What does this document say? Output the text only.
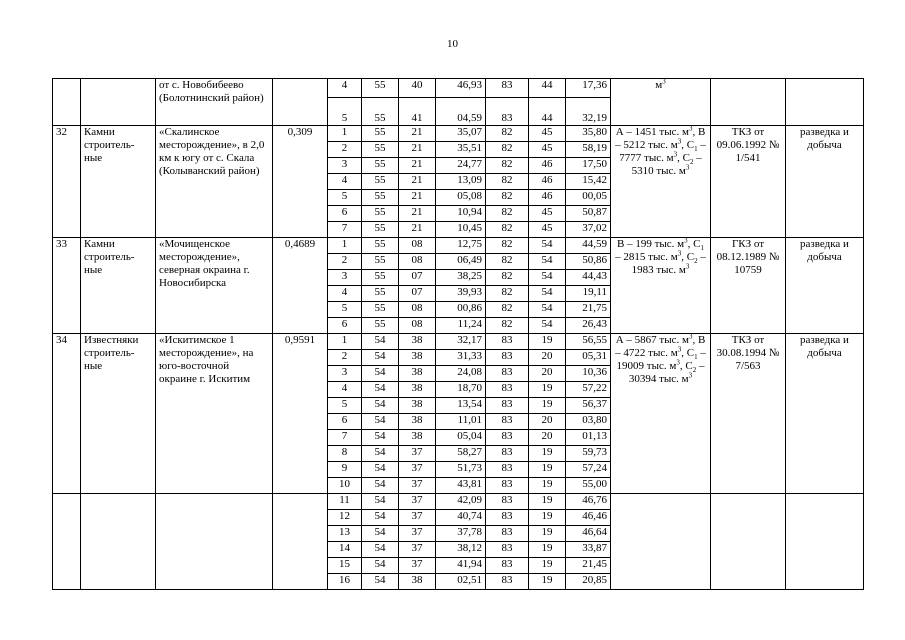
10
		от с. Новобибеево (Болотнинский район)		4	55	40	46,93	83	44	17,36	$м^3$		
				5	55	41	04,59	83	44	32,19			
32	Камни строитель-ные	«Скалинское месторождение», в 2,0 км к югу от с. Скала (Колыванский район)	0,309	1	55	21	35,07	82	45	35,80	А – 1451 тыс. $м^3$, В – 5212 тыс. $м^3$, $С_1 - 7777$ тыс. $м^3$, $С_2 - 5310$ тыс. $м^3$	ТКЗ от 09.06.1992 № 1/541	разведка и добыча
				2	55	21	35,51	82	45	58,19			
				3	55	21	24,77	82	46	17,50			
				4	55	21	13,09	82	46	15,42			
				5	55	21	05,08	82	46	00,05			
				6	55	21	10,94	82	45	50,87			
				7	55	21	10,45	82	45	37,02			
33	Камни строитель-ные	«Мочищенское месторождение», северная окраина г. Новосибирска	0,4689	1	55	08	12,75	82	54	44,59	В – 199 тыс. $м^3$, $С_1 - 2815$ тыс. $м^3$, $С_2 - 1983$ тыс. $м^3$	ГКЗ от 08.12.1989 № 10759	разведка и добыча
				2	55	08	06,49	82	54	50,86			
				3	55	07	38,25	82	54	44,43			
				4	55	07	39,93	82	54	19,11			
				5	55	08	00,86	82	54	21,75			
				6	55	08	11,24	82	54	26,43			
34	Известняки строитель-ные	«Искитимское 1 месторождение», на юго-восточной окраине г. Искитим	0,9591	1	54	38	32,17	83	19	56,55	А – 5867 тыс. $м^3$, В – 4722 тыс. $м^3$, $С_1 - 19009$ тыс. $м^3$, $С_2 - 30394$ тыс. $м^3$	ТКЗ от 30.08.1994 № 7/563	разведка и добыча
				2	54	38	31,33	83	20	05,31			
				3	54	38	24,08	83	20	10,36			
				4	54	38	18,70	83	19	57,22			
				5	54	38	13,54	83	19	56,37			
				6	54	38	11,01	83	20	03,80			
				7	54	38	05,04	83	20	01,13			
				8	54	37	58,27	83	19	59,73			
				9	54	37	51,73	83	19	57,24			
				10	54	37	43,81	83	19	55,00			
				11	54	37	42,09	83	19	46,76			
				12	54	37	40,74	83	19	46,46			
				13	54	37	37,78	83	19	46,64			
				14	54	37	38,12	83	19	33,87			
				15	54	37	41,94	83	19	21,45			
				16	54	38	02,51	83	19	20,85			
